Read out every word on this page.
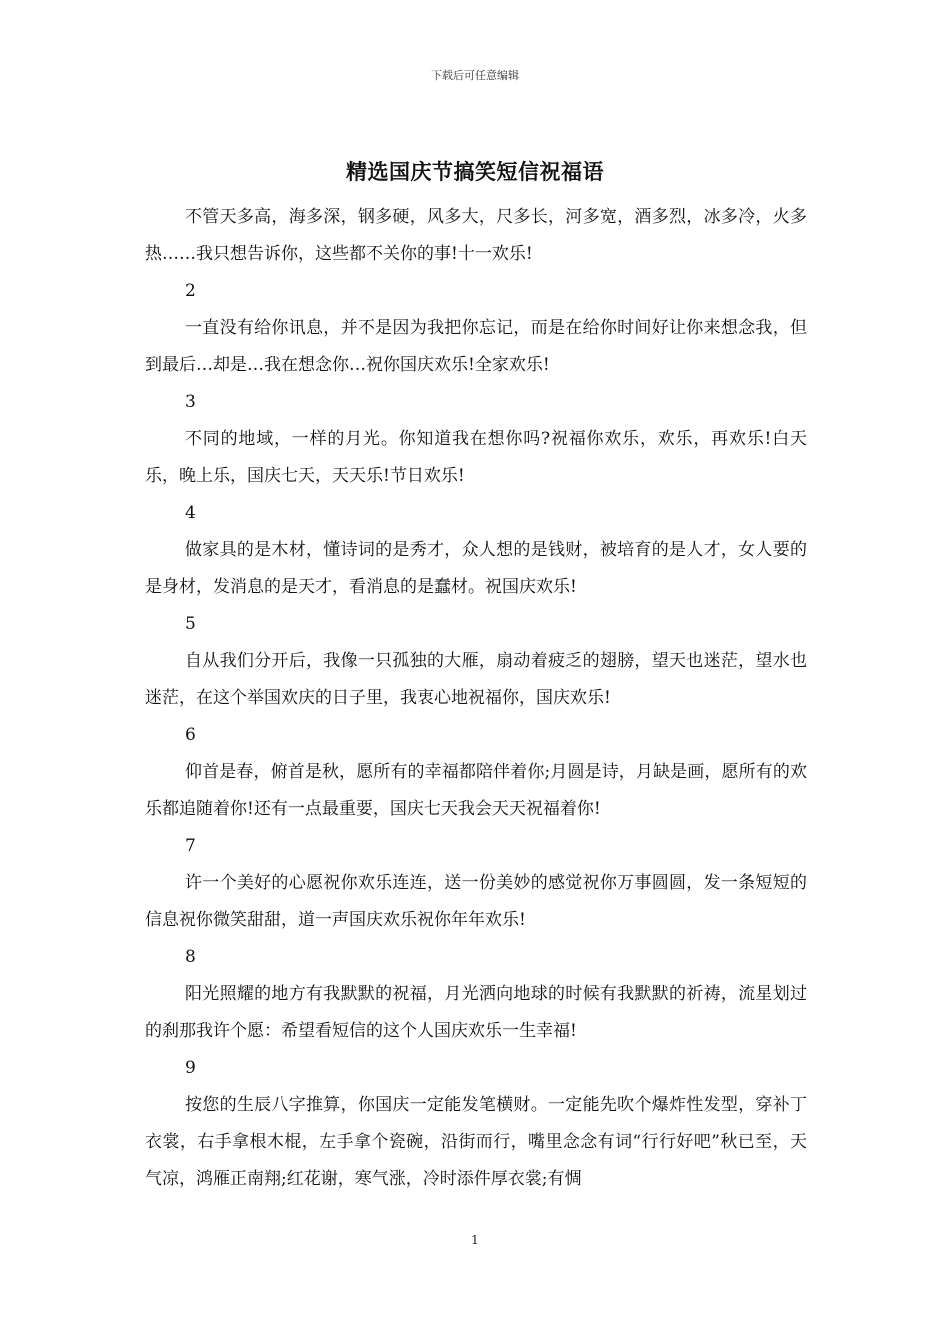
下载后可任意编辑
精选国庆节搞笑短信祝福语

不管天多高，海多深，钢多硬，风多大，尺多长，河多宽，酒多烈，冰多冷，火多热……我只想告诉你，这些都不关你的事!十一欢乐!

2

一直没有给你讯息，并不是因为我把你忘记，而是在给你时间好让你来想念我，但到最后…却是…我在想念你…祝你国庆欢乐!全家欢乐!

3

不同的地域，一样的月光。你知道我在想你吗?祝福你欢乐，欢乐，再欢乐!白天乐，晚上乐，国庆七天，天天乐!节日欢乐!

4

做家具的是木材，懂诗词的是秀才，众人想的是钱财，被培育的是人才，女人要的是身材，发消息的是天才，看消息的是蠢材。祝国庆欢乐!

5

自从我们分开后，我像一只孤独的大雁，扇动着疲乏的翅膀，望天也迷茫，望水也迷茫，在这个举国欢庆的日子里，我衷心地祝福你，国庆欢乐!

6

仰首是春，俯首是秋，愿所有的幸福都陪伴着你;月圆是诗，月缺是画，愿所有的欢乐都追随着你!还有一点最重要，国庆七天我会天天祝福着你!

7

许一个美好的心愿祝你欢乐连连，送一份美妙的感觉祝你万事圆圆，发一条短短的信息祝你微笑甜甜，道一声国庆欢乐祝你年年欢乐!

8

阳光照耀的地方有我默默的祝福，月光洒向地球的时候有我默默的祈祷，流星划过的刹那我许个愿：希望看短信的这个人国庆欢乐一生幸福!

9

按您的生辰八字推算，你国庆一定能发笔横财。一定能先吹个爆炸性发型，穿补丁衣裳，右手拿根木棍，左手拿个瓷碗，沿街而行，嘴里念念有词“行行好吧”秋已至，天气凉，鸿雁正南翔;红花谢，寒气涨，冷时添件厚衣裳;有惆

1
